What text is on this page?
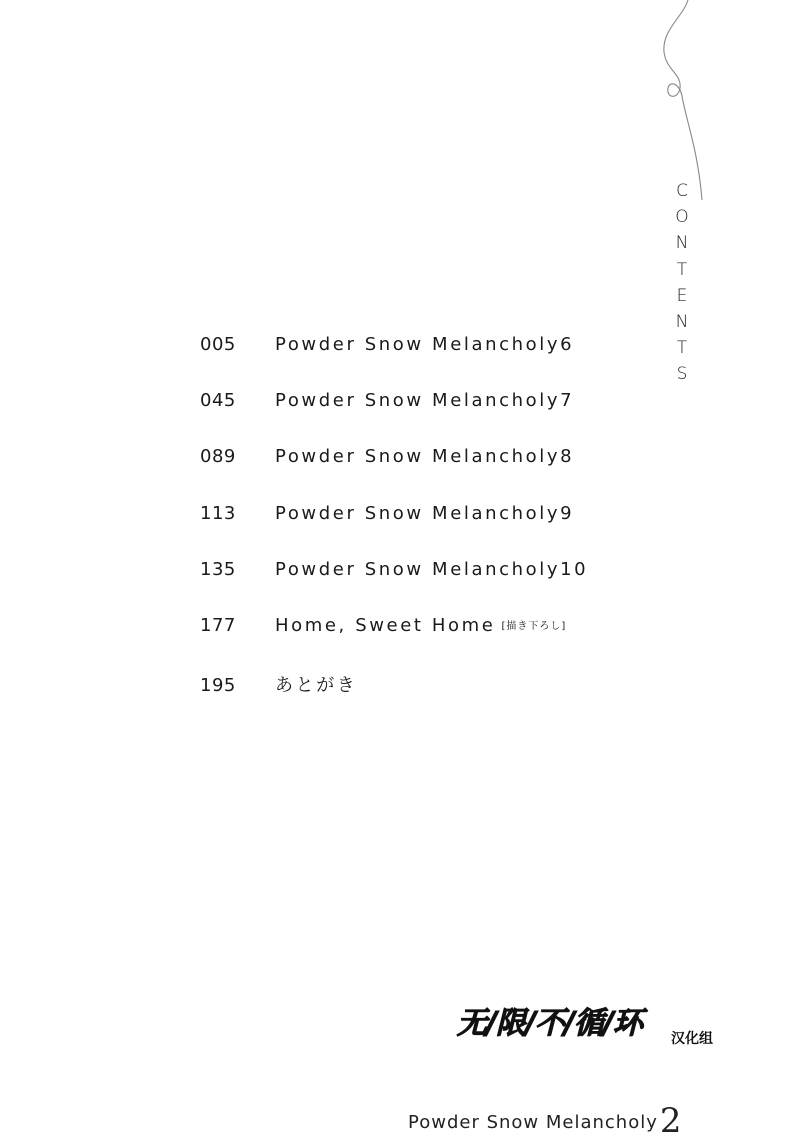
C
O
N
T
E
N
T
S
005	Powder Snow Melancholy6
045	Powder Snow Melancholy7
089	Powder Snow Melancholy8
113	Powder Snow Melancholy9
135	Powder Snow Melancholy10
177	Home, Sweet Home [描き下ろし]
195	あとがき
无/限/不/循/环 汉化组
Powder Snow Melancholy2
